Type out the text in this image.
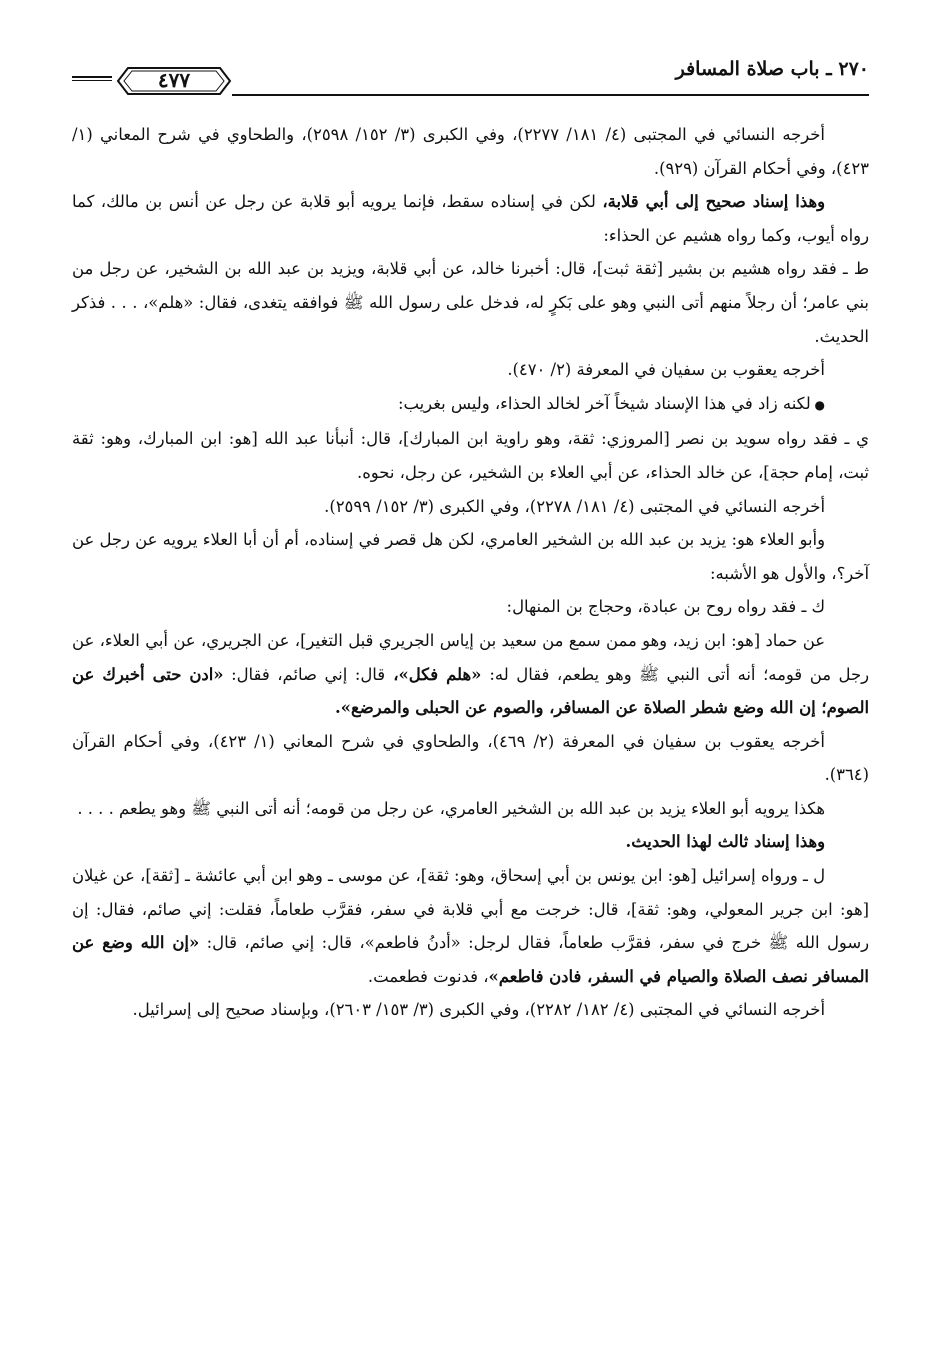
٢٧٠ ـ باب صلاة المسافر
٤٧٧

أخرجه النسائي في المجتبى (٤/ ١٨١/ ٢٢٧٧)، وفي الكبرى (٣/ ١٥٢/ ٢٥٩٨)، والطحاوي في شرح المعاني (١/ ٤٢٣)، وفي أحكام القرآن (٩٢٩).

وهذا إسناد صحيح إلى أبي قلابة، لكن في إسناده سقط، فإنما يرويه أبو قلابة عن رجل عن أنس بن مالك، كما رواه أيوب، وكما رواه هشيم عن الحذاء:

ط ـ فقد رواه هشيم بن بشير [ثقة ثبت]، قال: أخبرنا خالد، عن أبي قلابة، ويزيد بن عبد الله بن الشخير، عن رجل من بني عامر؛ أن رجلاً منهم أتى النبي وهو على بَكرٍ له، فدخل على رسول الله ﷺ فوافقه يتغدى، فقال: «هلم»، . . . فذكر الحديث.

أخرجه يعقوب بن سفيان في المعرفة (٢/ ٤٧٠).

● لكنه زاد في هذا الإسناد شيخاً آخر لخالد الحذاء، وليس بغريب:

ي ـ فقد رواه سويد بن نصر [المروزي: ثقة، وهو راوية ابن المبارك]، قال: أنبأنا عبد الله [هو: ابن المبارك، وهو: ثقة ثبت، إمام حجة]، عن خالد الحذاء، عن أبي العلاء بن الشخير، عن رجل، نحوه.

أخرجه النسائي في المجتبى (٤/ ١٨١/ ٢٢٧٨)، وفي الكبرى (٣/ ١٥٢/ ٢٥٩٩).

وأبو العلاء هو: يزيد بن عبد الله بن الشخير العامري، لكن هل قصر في إسناده، أم أن أبا العلاء يرويه عن رجل عن آخر؟، والأول هو الأشبه:

ك ـ فقد رواه روح بن عبادة، وحجاج بن المنهال:

عن حماد [هو: ابن زيد، وهو ممن سمع من سعيد بن إياس الجريري قبل التغير]، عن الجريري، عن أبي العلاء، عن رجل من قومه؛ أنه أتى النبي ﷺ وهو يطعم، فقال له: «هلم فكل»، قال: إني صائم، فقال: «ادن حتى أخبرك عن الصوم؛ إن الله وضع شطر الصلاة عن المسافر، والصوم عن الحبلى والمرضع».

أخرجه يعقوب بن سفيان في المعرفة (٢/ ٤٦٩)، والطحاوي في شرح المعاني (١/ ٤٢٣)، وفي أحكام القرآن (٣٦٤).

هكذا يرويه أبو العلاء يزيد بن عبد الله بن الشخير العامري، عن رجل من قومه؛ أنه أتى النبي ﷺ وهو يطعم . . . .

وهذا إسناد ثالث لهذا الحديث.

ل ـ ورواه إسرائيل [هو: ابن يونس بن أبي إسحاق، وهو: ثقة]، عن موسى ـ وهو ابن أبي عائشة ـ [ثقة]، عن غيلان [هو: ابن جرير المعولي، وهو: ثقة]، قال: خرجت مع أبي قلابة في سفر، فقرَّب طعاماً، فقلت: إني صائم، فقال: إن رسول الله ﷺ خرج في سفر، فقرَّب طعاماً، فقال لرجل: «أدنُ فاطعم»، قال: إني صائم، قال: «إن الله وضع عن المسافر نصف الصلاة والصيام في السفر، فادن فاطعم»، فدنوت فطعمت.

أخرجه النسائي في المجتبى (٤/ ١٨٢/ ٢٢٨٢)، وفي الكبرى (٣/ ١٥٣/ ٢٦٠٣)، وبإسناد صحيح إلى إسرائيل.
